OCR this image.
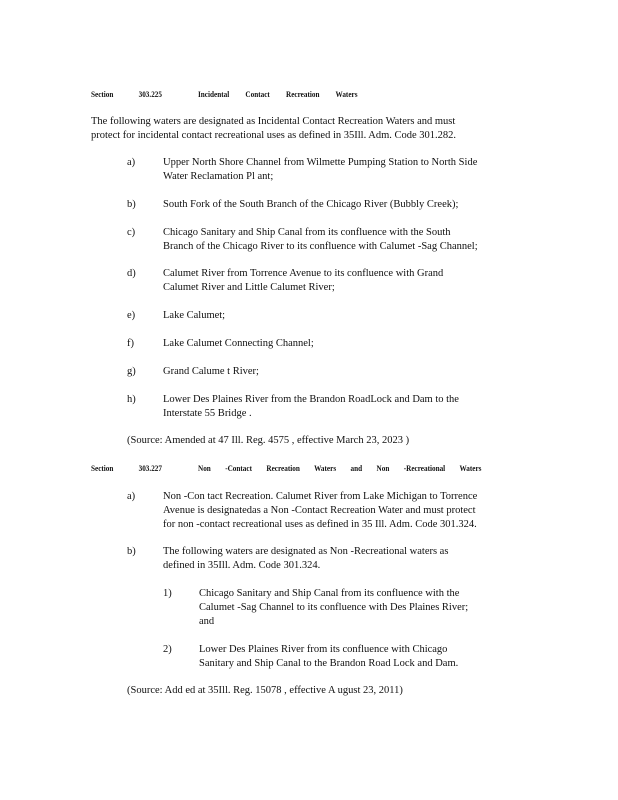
Section	303.225	Incidental Contact Recreation Waters
The following waters are designated as Incidental Contact Recreation Waters and must
protect for incidental contact recreational uses as defined in 35Ill. Adm. Code 301.282.
a)	Upper North Shore Channel from Wilmette Pumping Station to North Side
Water Reclamation Pl ant;
b)	South Fork of the South Branch of the Chicago River (Bubbly Creek);
c)	Chicago Sanitary and Ship Canal from its confluence with the South
Branch of the Chicago River to its confluence with Calumet -Sag Channel;
d)	Calumet River from Torrence Avenue to its confluence with Grand
Calumet River and Little Calumet River;
e)	Lake Calumet;
f)	Lake Calumet Connecting Channel;
g)	Grand Calume t River;
h)	Lower Des Plaines River from the Brandon RoadLock and Dam to the
Interstate 55 Bridge .
(Source: Amended at 47 Ill. Reg. 4575 , effective March 23, 2023 )
Section	303.227	Non -Contact Recreation Waters and Non -Recreational Waters
a)	Non -Con tact Recreation. Calumet River from Lake Michigan to Torrence
Avenue is designatedas a Non -Contact Recreation Water and must protect
for non -contact recreational uses as defined in 35 Ill. Adm. Code 301.324.
b)	The following waters are designated as Non -Recreational waters as
defined in 35Ill. Adm. Code 301.324.
1)	Chicago Sanitary and Ship Canal from its confluence with the
Calumet -Sag Channel to its confluence with Des Plaines River;
and
2)	Lower Des Plaines River from its confluence with Chicago
Sanitary and Ship Canal to the Brandon Road Lock and Dam.
(Source: Add ed at 35Ill. Reg. 15078 , effective A ugust 23, 2011)
